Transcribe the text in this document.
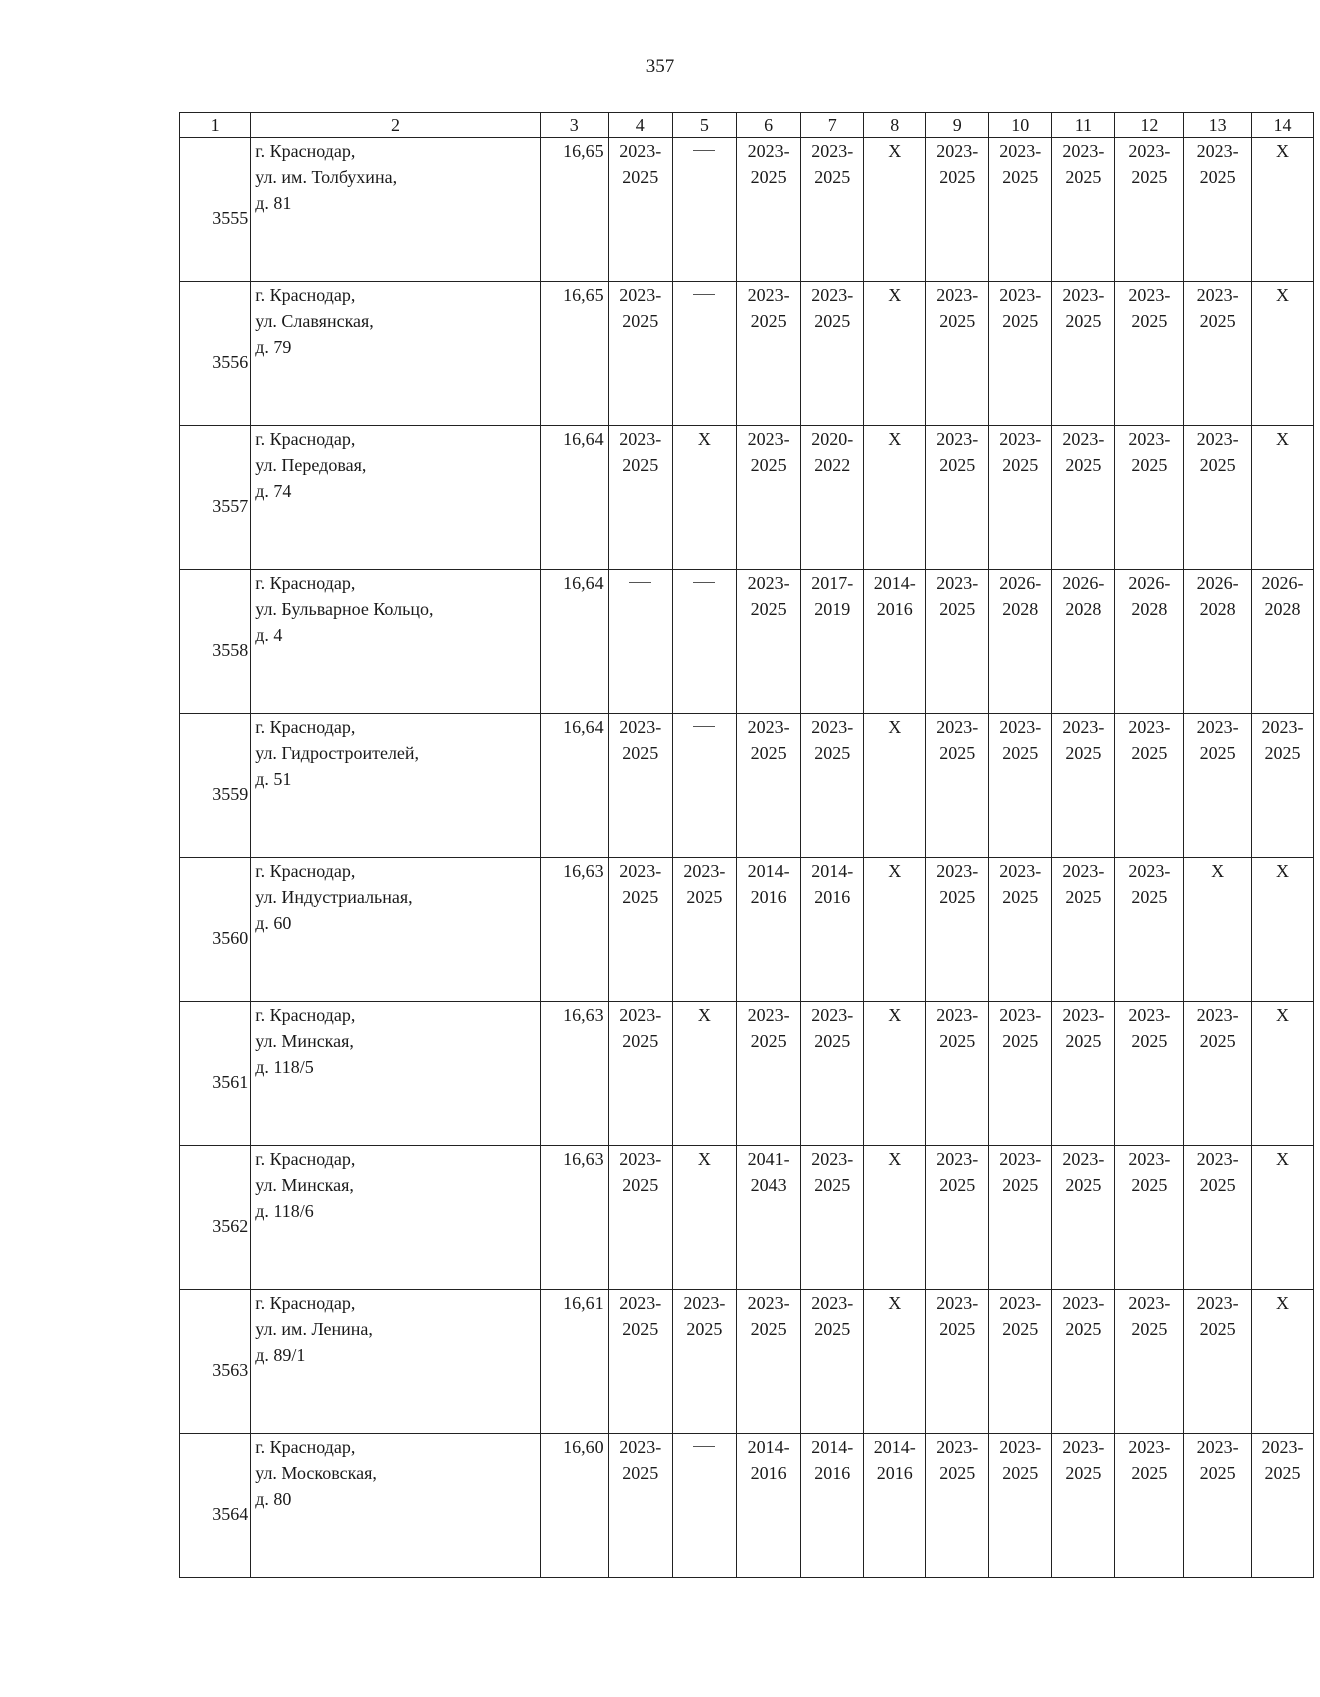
357
1	2	3	4	5	6	7	8	9	10	11	12	13	14
3555	г. Краснодар,
ул. им. Толбухина,
д. 81	16,65	2023-
2025		2023-
2025	2023-
2025	X	2023-
2025	2023-
2025	2023-
2025	2023-
2025	2023-
2025	X

3556	г. Краснодар,
ул. Славянская,
д. 79	16,65	2023-
2025		2023-
2025	2023-
2025	X	2023-
2025	2023-
2025	2023-
2025	2023-
2025	2023-
2025	X

3557	г. Краснодар,
ул. Передовая,
д. 74	16,64	2023-
2025	X	2023-
2025	2020-
2022	X	2023-
2025	2023-
2025	2023-
2025	2023-
2025	2023-
2025	X

3558	г. Краснодар,
ул. Бульварное Кольцо,
д. 4	16,64			2023-
2025	2017-
2019	2014-
2016	2023-
2025	2026-
2028	2026-
2028	2026-
2028	2026-
2028	2026-
2028

3559	г. Краснодар,
ул. Гидростроителей,
д. 51	16,64	2023-
2025		2023-
2025	2023-
2025	X	2023-
2025	2023-
2025	2023-
2025	2023-
2025	2023-
2025	2023-
2025

3560	г. Краснодар,
ул. Индустриальная,
д. 60	16,63	2023-
2025	2023-
2025	2014-
2016	2014-
2016	X	2023-
2025	2023-
2025	2023-
2025	2023-
2025	X	X

3561	г. Краснодар,
ул. Минская,
д. 118/5	16,63	2023-
2025	X	2023-
2025	2023-
2025	X	2023-
2025	2023-
2025	2023-
2025	2023-
2025	2023-
2025	X

3562	г. Краснодар,
ул. Минская,
д. 118/6	16,63	2023-
2025	X	2041-
2043	2023-
2025	X	2023-
2025	2023-
2025	2023-
2025	2023-
2025	2023-
2025	X

3563	г. Краснодар,
ул. им. Ленина,
д. 89/1	16,61	2023-
2025	2023-
2025	2023-
2025	2023-
2025	X	2023-
2025	2023-
2025	2023-
2025	2023-
2025	2023-
2025	X

3564	г. Краснодар,
ул. Московская,
д. 80	16,60	2023-
2025		2014-
2016	2014-
2016	2014-
2016	2023-
2025	2023-
2025	2023-
2025	2023-
2025	2023-
2025	2023-
2025
